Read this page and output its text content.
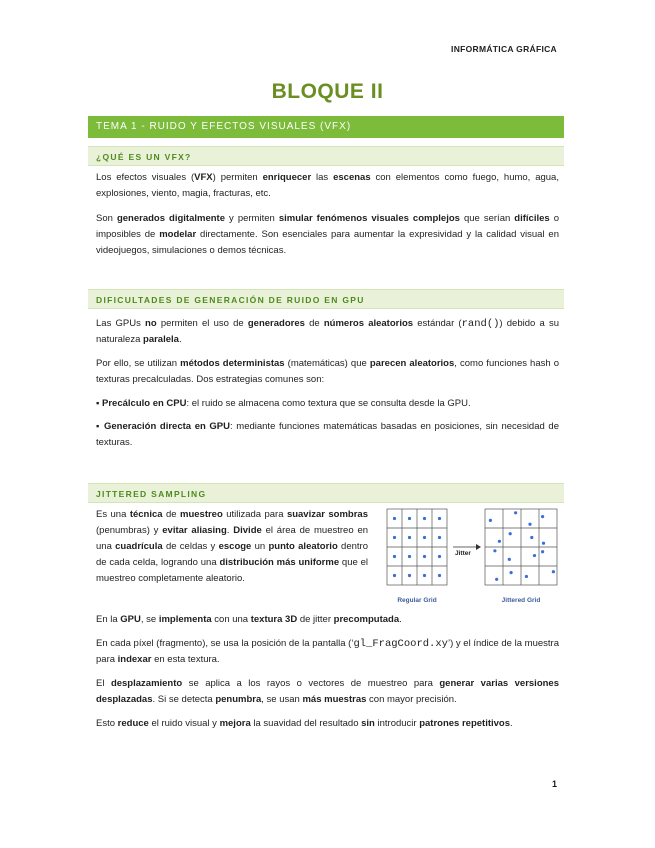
INFORMÁTICA GRÁFICA
BLOQUE II
TEMA 1 - RUIDO Y EFECTOS VISUALES (VFX)
¿QUÉ ES UN VFX?
Los efectos visuales (VFX) permiten enriquecer las escenas con elementos como fuego, humo, agua, explosiones, viento, magia, fracturas, etc.
Son generados digitalmente y permiten simular fenómenos visuales complejos que serían difíciles o imposibles de modelar directamente. Son esenciales para aumentar la expresividad y la calidad visual en videojuegos, simulaciones o demos técnicas.
DIFICULTADES DE GENERACIÓN DE RUIDO EN GPU
Las GPUs no permiten el uso de generadores de números aleatorios estándar (rand()) debido a su naturaleza paralela.
Por ello, se utilizan métodos deterministas (matemáticas) que parecen aleatorios, como funciones hash o texturas precalculadas. Dos estrategias comunes son:
▪ Precálculo en CPU: el ruido se almacena como textura que se consulta desde la GPU.
▪ Generación directa en GPU: mediante funciones matemáticas basadas en posiciones, sin necesidad de texturas.
JITTERED SAMPLING
Es una técnica de muestreo utilizada para suavizar sombras (penumbras) y evitar aliasing. Divide el área de muestreo en una cuadrícula de celdas y escoge un punto aleatorio dentro de cada celda, logrando una distribución más uniforme que el muestreo completamente aleatorio.
Jitter
Regular Grid	Jittered Grid
En la GPU, se implementa con una textura 3D de jitter precomputada.
En cada píxel (fragmento), se usa la posición de la pantalla (‘gl_FragCoord.xy’) y el índice de la muestra para indexar en esta textura.
El desplazamiento se aplica a los rayos o vectores de muestreo para generar varias versiones desplazadas. Si se detecta penumbra, se usan más muestras con mayor precisión.
Esto reduce el ruido visual y mejora la suavidad del resultado sin introducir patrones repetitivos.
1
